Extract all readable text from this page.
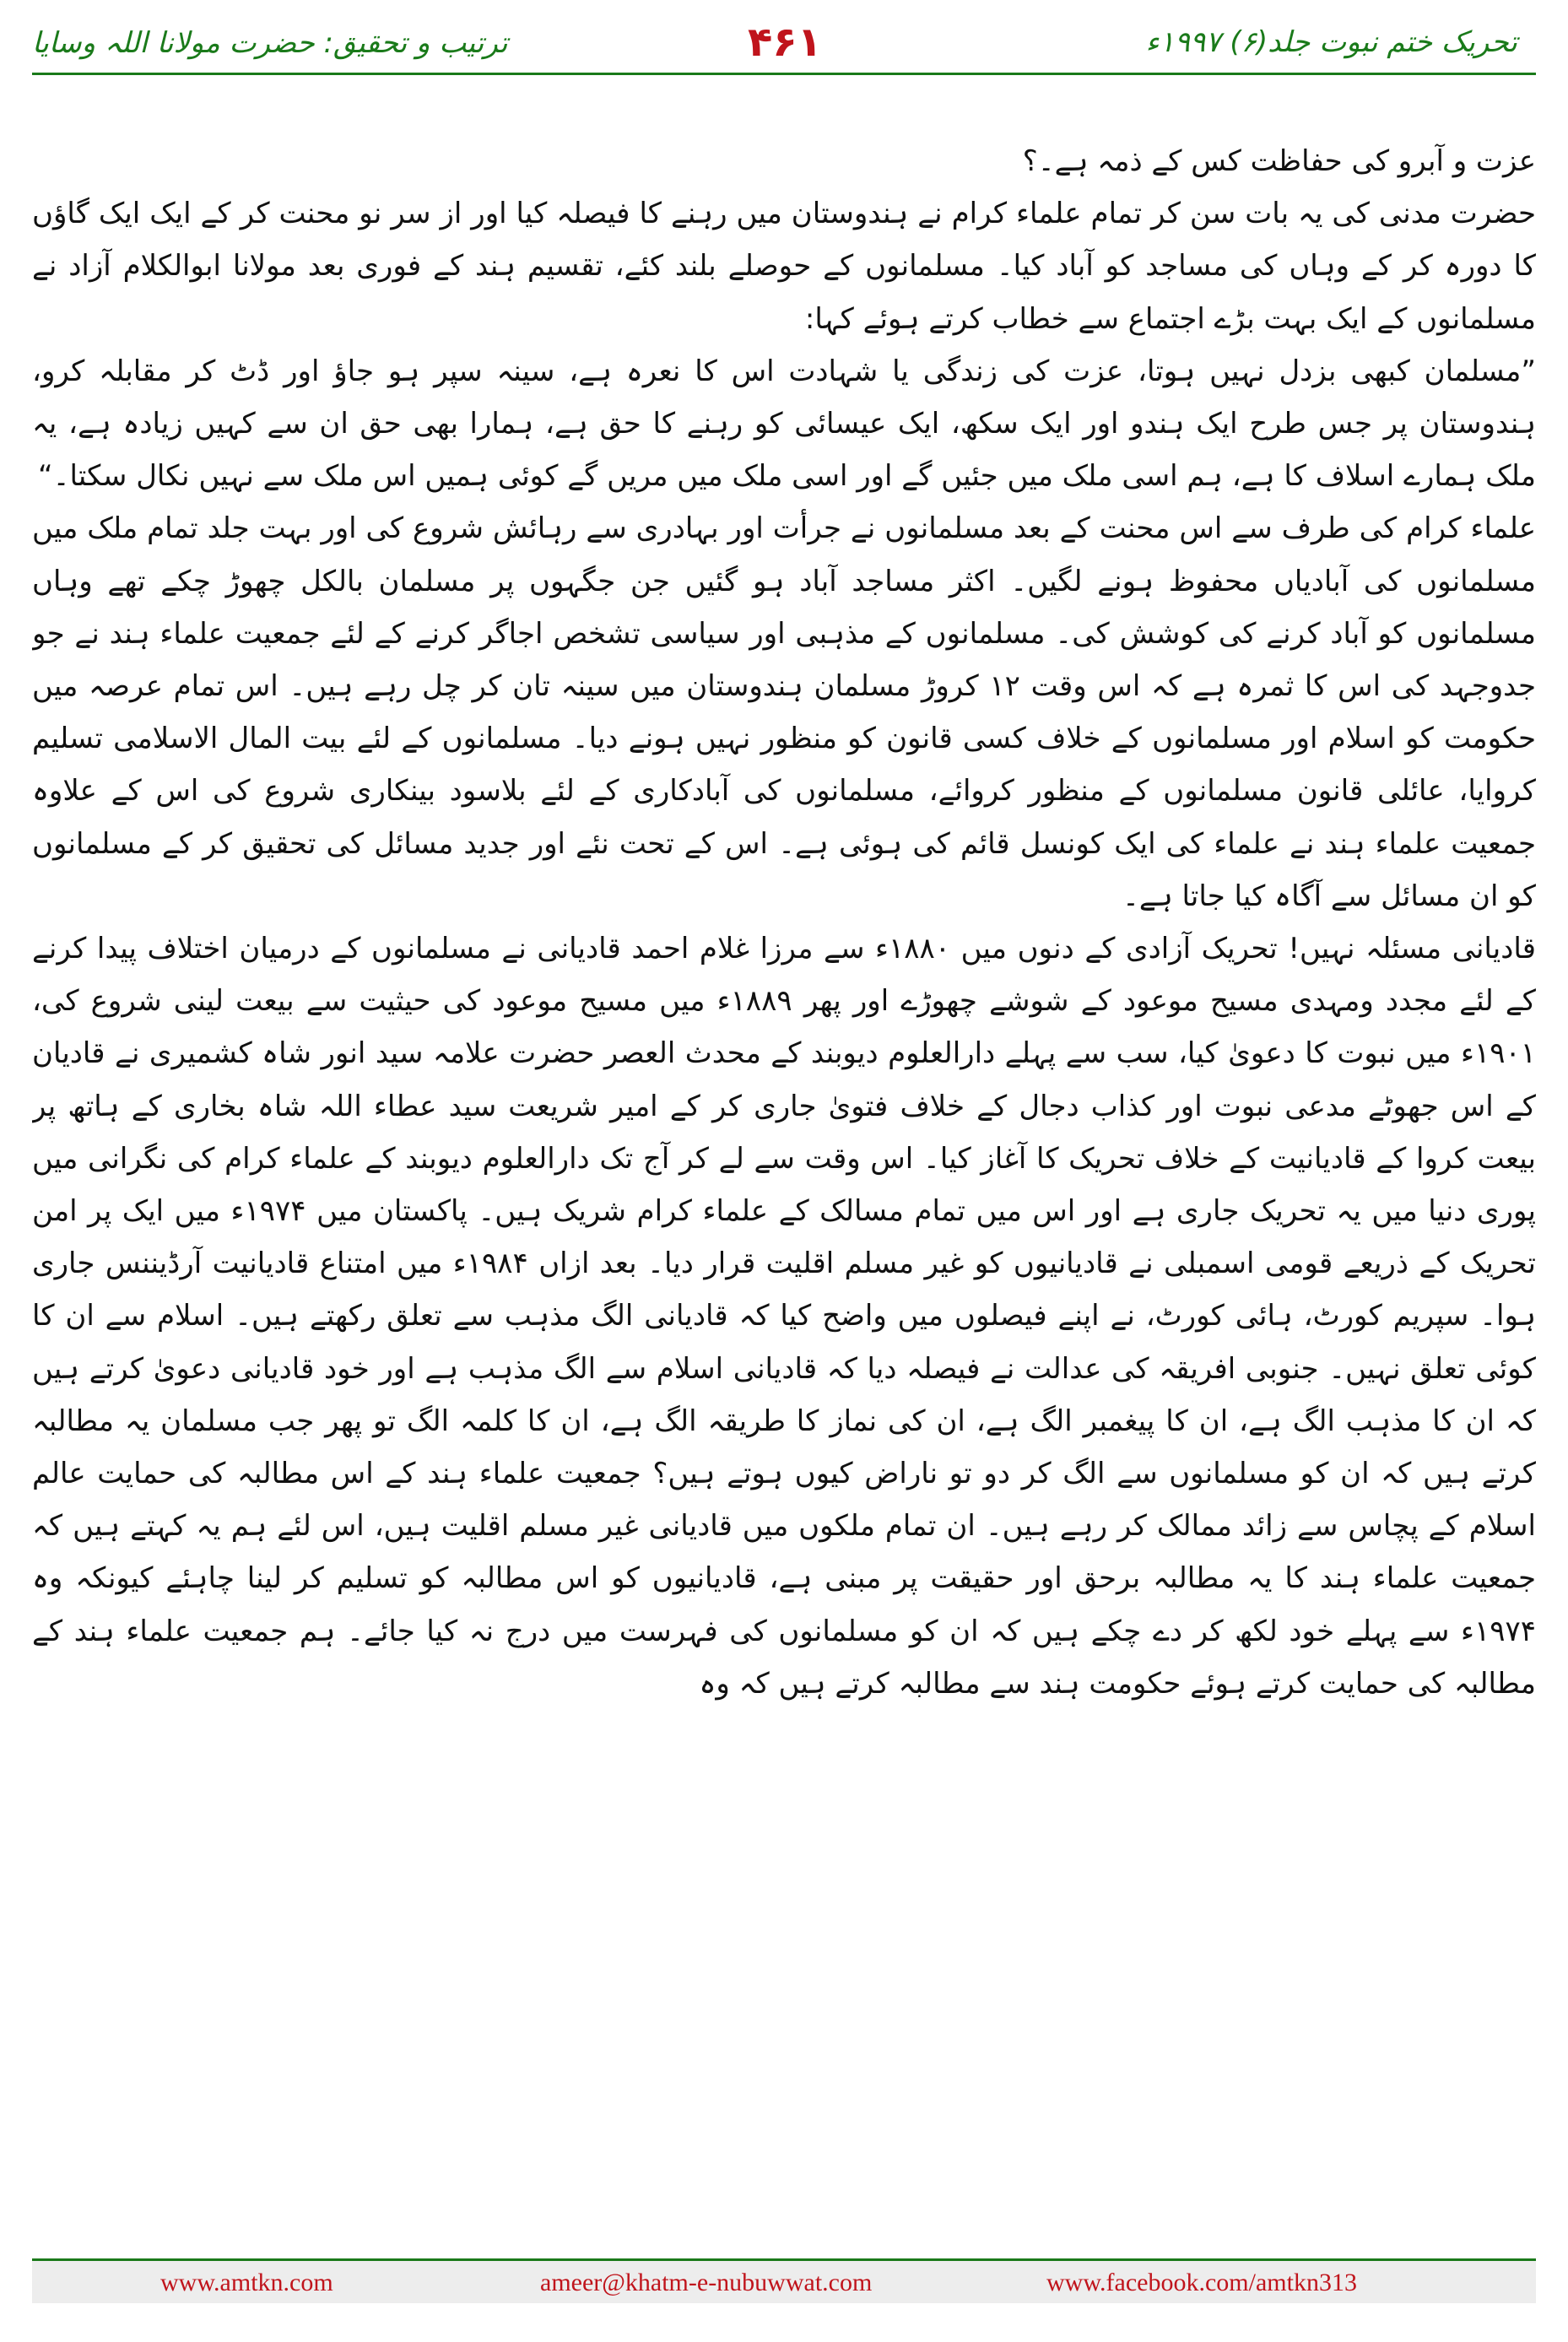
تحریک ختم نبوت جلد(۶) ۱۹۹۷ء
۴۶۱
ترتیب و تحقیق: حضرت مولانا اللہ وسایا

عزت و آبرو کی حفاظت کس کے ذمہ ہے۔؟

حضرت مدنی کی یہ بات سن کر تمام علماء کرام نے ہندوستان میں رہنے کا فیصلہ کیا اور از سر نو محنت کر کے ایک ایک گاؤں کا دورہ کر کے وہاں کی مساجد کو آباد کیا۔ مسلمانوں کے حوصلے بلند کئے، تقسیم ہند کے فوری بعد مولانا ابوالکلام آزاد نے مسلمانوں کے ایک بہت بڑے اجتماع سے خطاب کرتے ہوئے کہا:

”مسلمان کبھی بزدل نہیں ہوتا، عزت کی زندگی یا شہادت اس کا نعرہ ہے، سینہ سپر ہو جاؤ اور ڈٹ کر مقابلہ کرو، ہندوستان پر جس طرح ایک ہندو اور ایک سکھ، ایک عیسائی کو رہنے کا حق ہے، ہمارا بھی حق ان سے کہیں زیادہ ہے، یہ ملک ہمارے اسلاف کا ہے، ہم اسی ملک میں جئیں گے اور اسی ملک میں مریں گے کوئی ہمیں اس ملک سے نہیں نکال سکتا۔“

علماء کرام کی طرف سے اس محنت کے بعد مسلمانوں نے جرأت اور بہادری سے رہائش شروع کی اور بہت جلد تمام ملک میں مسلمانوں کی آبادیاں محفوظ ہونے لگیں۔ اکثر مساجد آباد ہو گئیں جن جگہوں پر مسلمان بالکل چھوڑ چکے تھے وہاں مسلمانوں کو آباد کرنے کی کوشش کی۔ مسلمانوں کے مذہبی اور سیاسی تشخص اجاگر کرنے کے لئے جمعیت علماء ہند نے جو جدوجہد کی اس کا ثمرہ ہے کہ اس وقت ۱۲ کروڑ مسلمان ہندوستان میں سینہ تان کر چل رہے ہیں۔ اس تمام عرصہ میں حکومت کو اسلام اور مسلمانوں کے خلاف کسی قانون کو منظور نہیں ہونے دیا۔ مسلمانوں کے لئے بیت المال الاسلامی تسلیم کروایا، عائلی قانون مسلمانوں کے منظور کروائے، مسلمانوں کی آبادکاری کے لئے بلاسود بینکاری شروع کی اس کے علاوہ جمعیت علماء ہند نے علماء کی ایک کونسل قائم کی ہوئی ہے۔ اس کے تحت نئے اور جدید مسائل کی تحقیق کر کے مسلمانوں کو ان مسائل سے آگاہ کیا جاتا ہے۔

قادیانی مسئلہ نہیں! تحریک آزادی کے دنوں میں ۱۸۸۰ء سے مرزا غلام احمد قادیانی نے مسلمانوں کے درمیان اختلاف پیدا کرنے کے لئے مجدد ومہدی مسیح موعود کے شوشے چھوڑے اور پھر ۱۸۸۹ء میں مسیح موعود کی حیثیت سے بیعت لینی شروع کی، ۱۹۰۱ء میں نبوت کا دعویٰ کیا، سب سے پہلے دارالعلوم دیوبند کے محدث العصر حضرت علامہ سید انور شاہ کشمیری نے قادیان کے اس جھوٹے مدعی نبوت اور کذاب دجال کے خلاف فتویٰ جاری کر کے امیر شریعت سید عطاء اللہ شاہ بخاری کے ہاتھ پر بیعت کروا کے قادیانیت کے خلاف تحریک کا آغاز کیا۔ اس وقت سے لے کر آج تک دارالعلوم دیوبند کے علماء کرام کی نگرانی میں پوری دنیا میں یہ تحریک جاری ہے اور اس میں تمام مسالک کے علماء کرام شریک ہیں۔ پاکستان میں ۱۹۷۴ء میں ایک پر امن تحریک کے ذریعے قومی اسمبلی نے قادیانیوں کو غیر مسلم اقلیت قرار دیا۔ بعد ازاں ۱۹۸۴ء میں امتناع قادیانیت آرڈیننس جاری ہوا۔ سپریم کورٹ، ہائی کورٹ، نے اپنے فیصلوں میں واضح کیا کہ قادیانی الگ مذہب سے تعلق رکھتے ہیں۔ اسلام سے ان کا کوئی تعلق نہیں۔ جنوبی افریقہ کی عدالت نے فیصلہ دیا کہ قادیانی اسلام سے الگ مذہب ہے اور خود قادیانی دعویٰ کرتے ہیں کہ ان کا مذہب الگ ہے، ان کا پیغمبر الگ ہے، ان کی نماز کا طریقہ الگ ہے، ان کا کلمہ الگ تو پھر جب مسلمان یہ مطالبہ کرتے ہیں کہ ان کو مسلمانوں سے الگ کر دو تو ناراض کیوں ہوتے ہیں؟ جمعیت علماء ہند کے اس مطالبہ کی حمایت عالم اسلام کے پچاس سے زائد ممالک کر رہے ہیں۔ ان تمام ملکوں میں قادیانی غیر مسلم اقلیت ہیں، اس لئے ہم یہ کہتے ہیں کہ جمعیت علماء ہند کا یہ مطالبہ برحق اور حقیقت پر مبنی ہے، قادیانیوں کو اس مطالبہ کو تسلیم کر لینا چاہئے کیونکہ وہ ۱۹۷۴ء سے پہلے خود لکھ کر دے چکے ہیں کہ ان کو مسلمانوں کی فہرست میں درج نہ کیا جائے۔ ہم جمعیت علماء ہند کے مطالبہ کی حمایت کرتے ہوئے حکومت ہند سے مطالبہ کرتے ہیں کہ وہ

www.amtkn.com	ameer@khatm-e-nubuwwat.com	www.facebook.com/amtkn313
